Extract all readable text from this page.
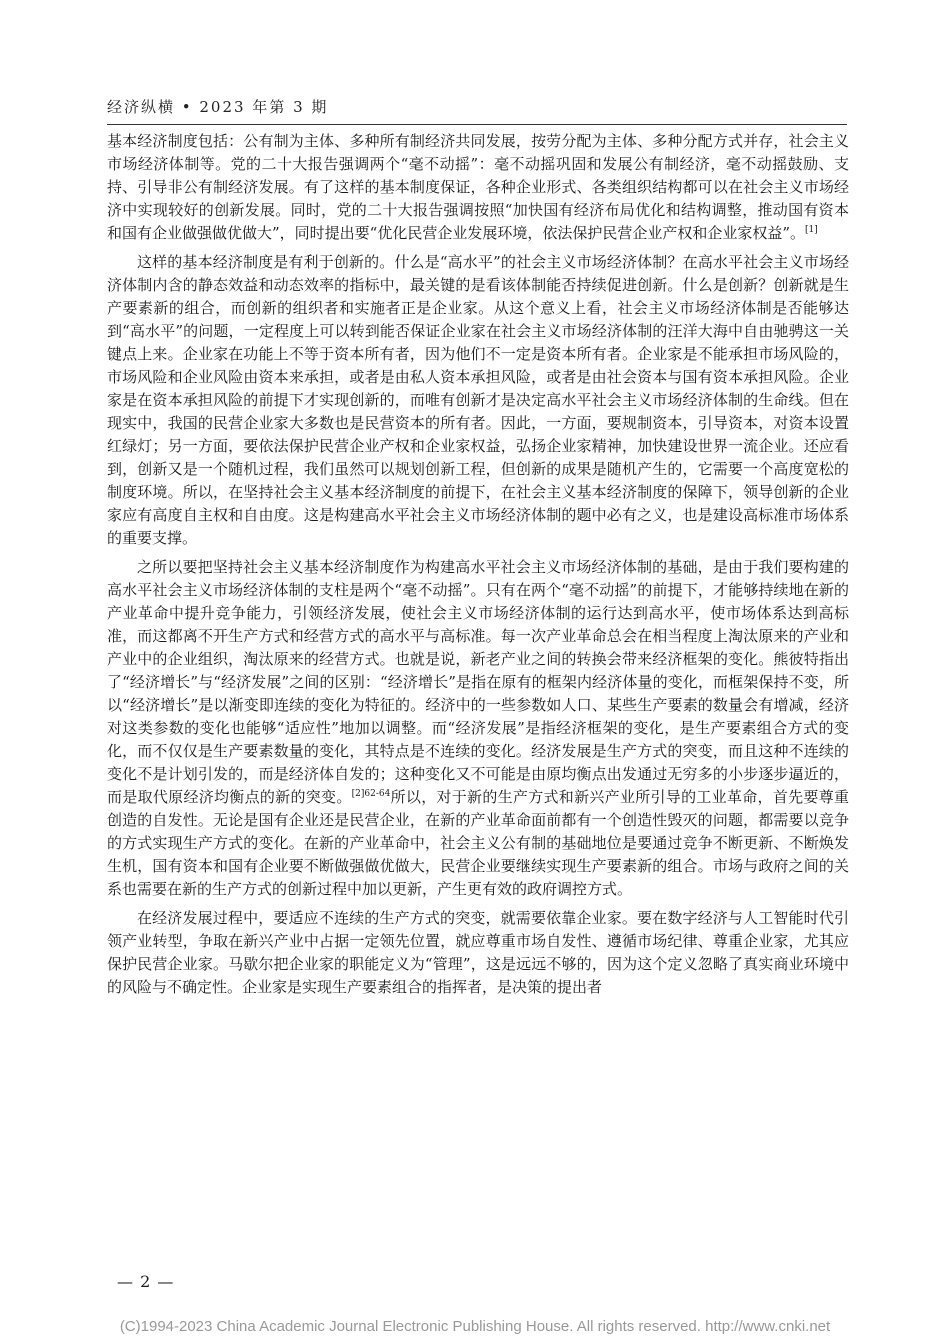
经济纵横 • 2023 年第 3 期

基本经济制度包括：公有制为主体、多种所有制经济共同发展，按劳分配为主体、多种分配方式并存，社会主义市场经济体制等。党的二十大报告强调两个“毫不动摇”：毫不动摇巩固和发展公有制经济，毫不动摇鼓励、支持、引导非公有制经济发展。有了这样的基本制度保证，各种企业形式、各类组织结构都可以在社会主义市场经济中实现较好的创新发展。同时，党的二十大报告强调按照“加快国有经济布局优化和结构调整，推动国有资本和国有企业做强做优做大”，同时提出要“优化民营企业发展环境，依法保护民营企业产权和企业家权益”。[1]

这样的基本经济制度是有利于创新的。什么是“高水平”的社会主义市场经济体制？在高水平社会主义市场经济体制内含的静态效益和动态效率的指标中，最关键的是看该体制能否持续促进创新。什么是创新？创新就是生产要素新的组合，而创新的组织者和实施者正是企业家。从这个意义上看，社会主义市场经济体制是否能够达到“高水平”的问题，一定程度上可以转到能否保证企业家在社会主义市场经济体制的汪洋大海中自由驰骋这一关键点上来。企业家在功能上不等于资本所有者，因为他们不一定是资本所有者。企业家是不能承担市场风险的，市场风险和企业风险由资本来承担，或者是由私人资本承担风险，或者是由社会资本与国有资本承担风险。企业家是在资本承担风险的前提下才实现创新的，而唯有创新才是决定高水平社会主义市场经济体制的生命线。但在现实中，我国的民营企业家大多数也是民营资本的所有者。因此，一方面，要规制资本，引导资本，对资本设置红绿灯；另一方面，要依法保护民营企业产权和企业家权益，弘扬企业家精神，加快建设世界一流企业。还应看到，创新又是一个随机过程，我们虽然可以规划创新工程，但创新的成果是随机产生的，它需要一个高度宽松的制度环境。所以，在坚持社会主义基本经济制度的前提下，在社会主义基本经济制度的保障下，领导创新的企业家应有高度自主权和自由度。这是构建高水平社会主义市场经济体制的题中必有之义，也是建设高标准市场体系的重要支撑。

之所以要把坚持社会主义基本经济制度作为构建高水平社会主义市场经济体制的基础，是由于我们要构建的高水平社会主义市场经济体制的支柱是两个“毫不动摇”。只有在两个“毫不动摇”的前提下，才能够持续地在新的产业革命中提升竞争能力，引领经济发展，使社会主义市场经济体制的运行达到高水平，使市场体系达到高标准，而这都离不开生产方式和经营方式的高水平与高标准。每一次产业革命总会在相当程度上淘汰原来的产业和产业中的企业组织，淘汰原来的经营方式。也就是说，新老产业之间的转换会带来经济框架的变化。熊彼特指出了“经济增长”与“经济发展”之间的区别：“经济增长”是指在原有的框架内经济体量的变化，而框架保持不变，所以“经济增长”是以渐变即连续的变化为特征的。经济中的一些参数如人口、某些生产要素的数量会有增减，经济对这类参数的变化也能够“适应性”地加以调整。而“经济发展”是指经济框架的变化，是生产要素组合方式的变化，而不仅仅是生产要素数量的变化，其特点是不连续的变化。经济发展是生产方式的突变，而且这种不连续的变化不是计划引发的，而是经济体自发的；这种变化又不可能是由原均衡点出发通过无穷多的小步逐步逼近的，而是取代原经济均衡点的新的突变。$^{[2]62-64}$所以，对于新的生产方式和新兴产业所引导的工业革命，首先要尊重创造的自发性。无论是国有企业还是民营企业，在新的产业革命面前都有一个创造性毁灭的问题，都需要以竞争的方式实现生产方式的变化。在新的产业革命中，社会主义公有制的基础地位是要通过竞争不断更新、不断焕发生机，国有资本和国有企业要不断做强做优做大，民营企业要继续实现生产要素新的组合。市场与政府之间的关系也需要在新的生产方式的创新过程中加以更新，产生更有效的政府调控方式。

在经济发展过程中，要适应不连续的生产方式的突变，就需要依靠企业家。要在数字经济与人工智能时代引领产业转型，争取在新兴产业中占据一定领先位置，就应尊重市场自发性、遵循市场纪律、尊重企业家，尤其应保护民营企业家。马歇尔把企业家的职能定义为“管理”，这是远远不够的，因为这个定义忽略了真实商业环境中的风险与不确定性。企业家是实现生产要素组合的指挥者，是决策的提出者

— 2 —
(C)1994-2023 China Academic Journal Electronic Publishing House. All rights reserved. http://www.cnki.net
